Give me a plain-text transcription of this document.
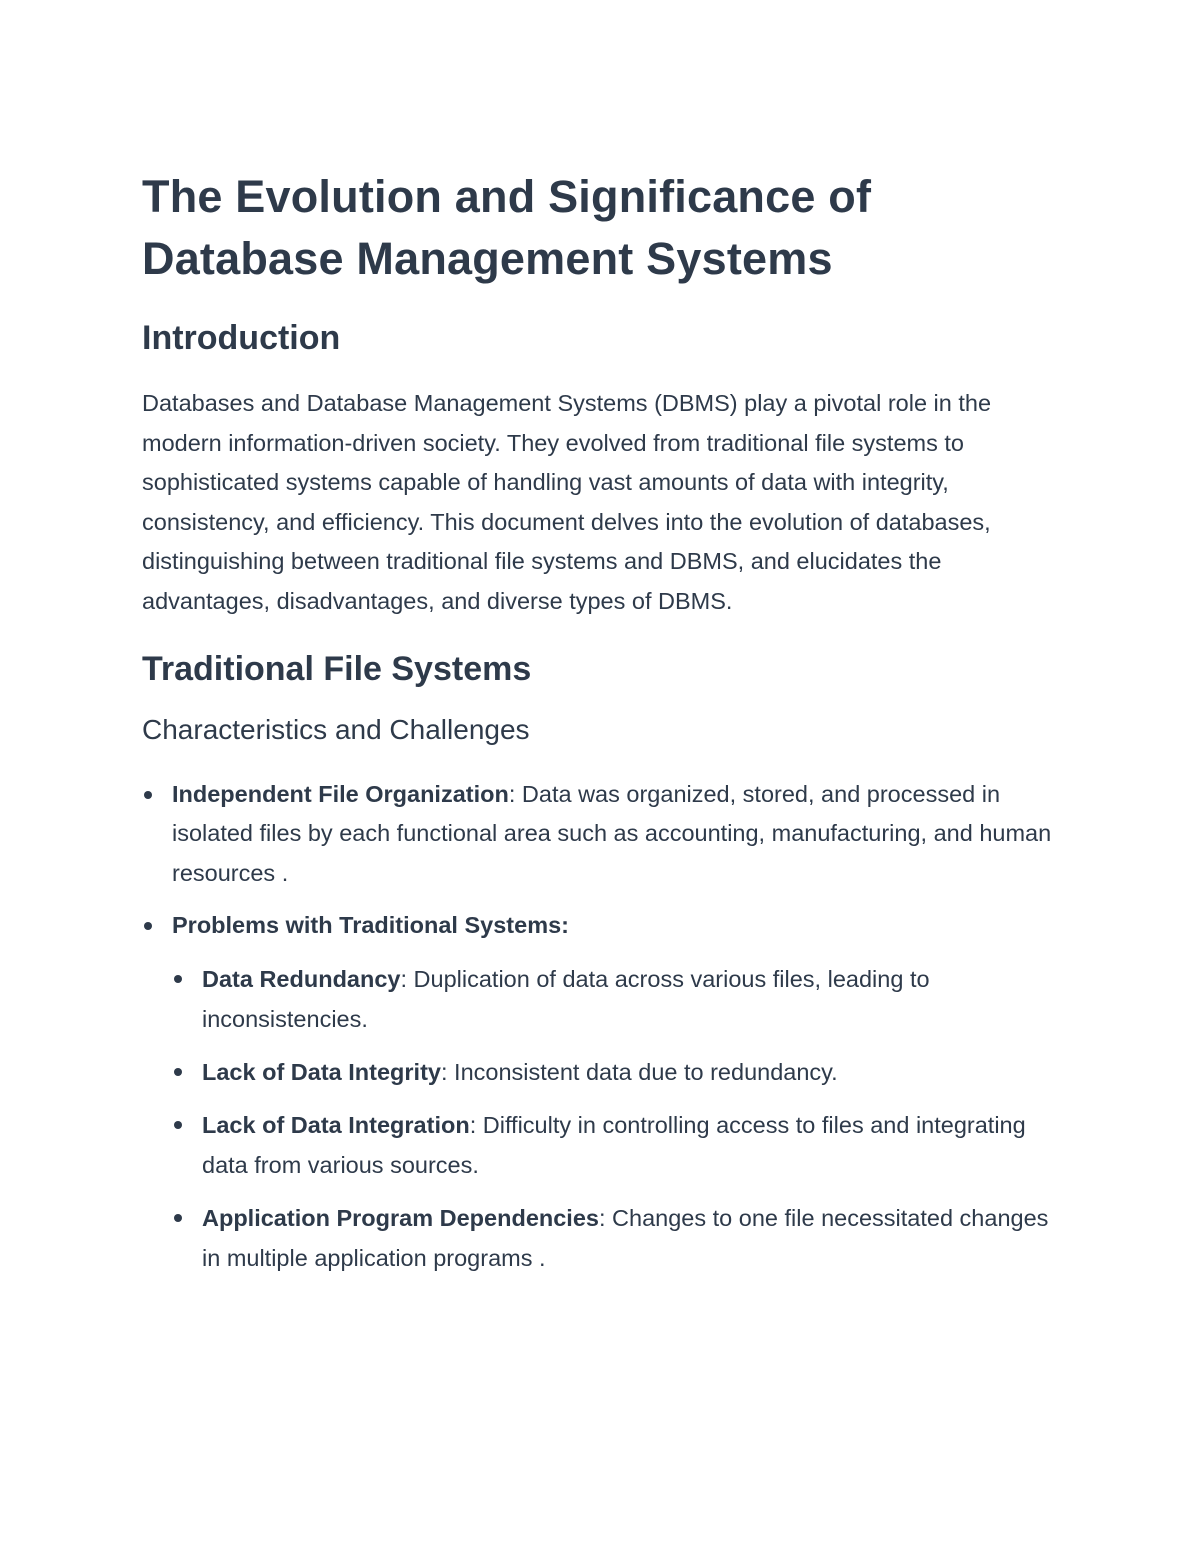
The Evolution and Significance of
Database Management Systems
Introduction

Databases and Database Management Systems (DBMS) play a pivotal role in the modern information-driven society. They evolved from traditional file systems to sophisticated systems capable of handling vast amounts of data with integrity, consistency, and efficiency. This document delves into the evolution of databases, distinguishing between traditional file systems and DBMS, and elucidates the advantages, disadvantages, and diverse types of DBMS.

Traditional File Systems
Characteristics and Challenges
Independent File Organization: Data was organized, stored, and processed in isolated files by each functional area such as accounting, manufacturing, and human resources .
Problems with Traditional Systems:
Data Redundancy: Duplication of data across various files, leading to inconsistencies.
Lack of Data Integrity: Inconsistent data due to redundancy.
Lack of Data Integration: Difficulty in controlling access to files and integrating data from various sources.
Application Program Dependencies: Changes to one file necessitated changes in multiple application programs .
